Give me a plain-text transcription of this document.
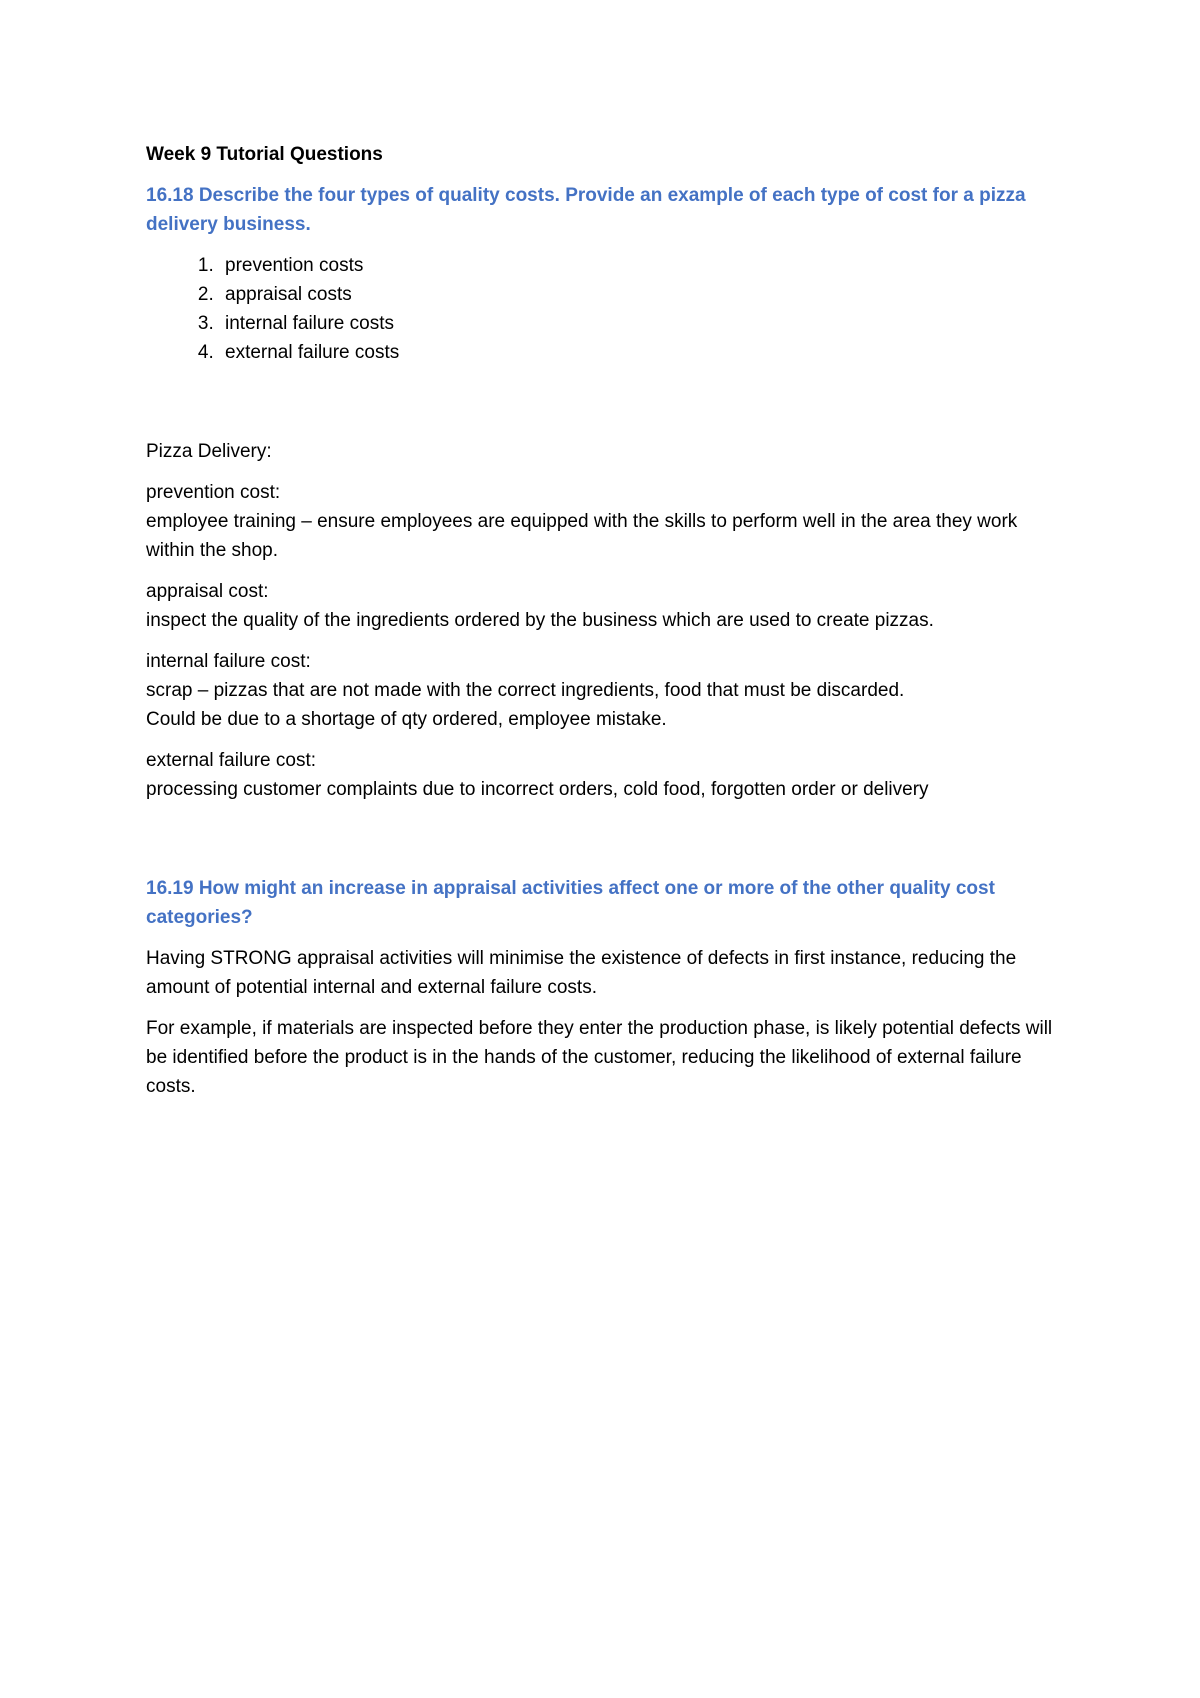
Week 9 Tutorial Questions
16.18 Describe the four types of quality costs. Provide an example of each type of cost for a pizza delivery business.
1. prevention costs
2. appraisal costs
3. internal failure costs
4. external failure costs

Pizza Delivery:

prevention cost:
employee training – ensure employees are equipped with the skills to perform well in the area they work within the shop.
appraisal cost:
inspect the quality of the ingredients ordered by the business which are used to create pizzas.
internal failure cost:
scrap – pizzas that are not made with the correct ingredients, food that must be discarded.
Could be due to a shortage of qty ordered, employee mistake.
external failure cost:
processing customer complaints due to incorrect orders, cold food, forgotten order or delivery
16.19 How might an increase in appraisal activities affect one or more of the other quality cost categories?

Having STRONG appraisal activities will minimise the existence of defects in first instance, reducing the amount of potential internal and external failure costs.

For example, if materials are inspected before they enter the production phase, is likely potential defects will be identified before the product is in the hands of the customer, reducing the likelihood of external failure costs.
